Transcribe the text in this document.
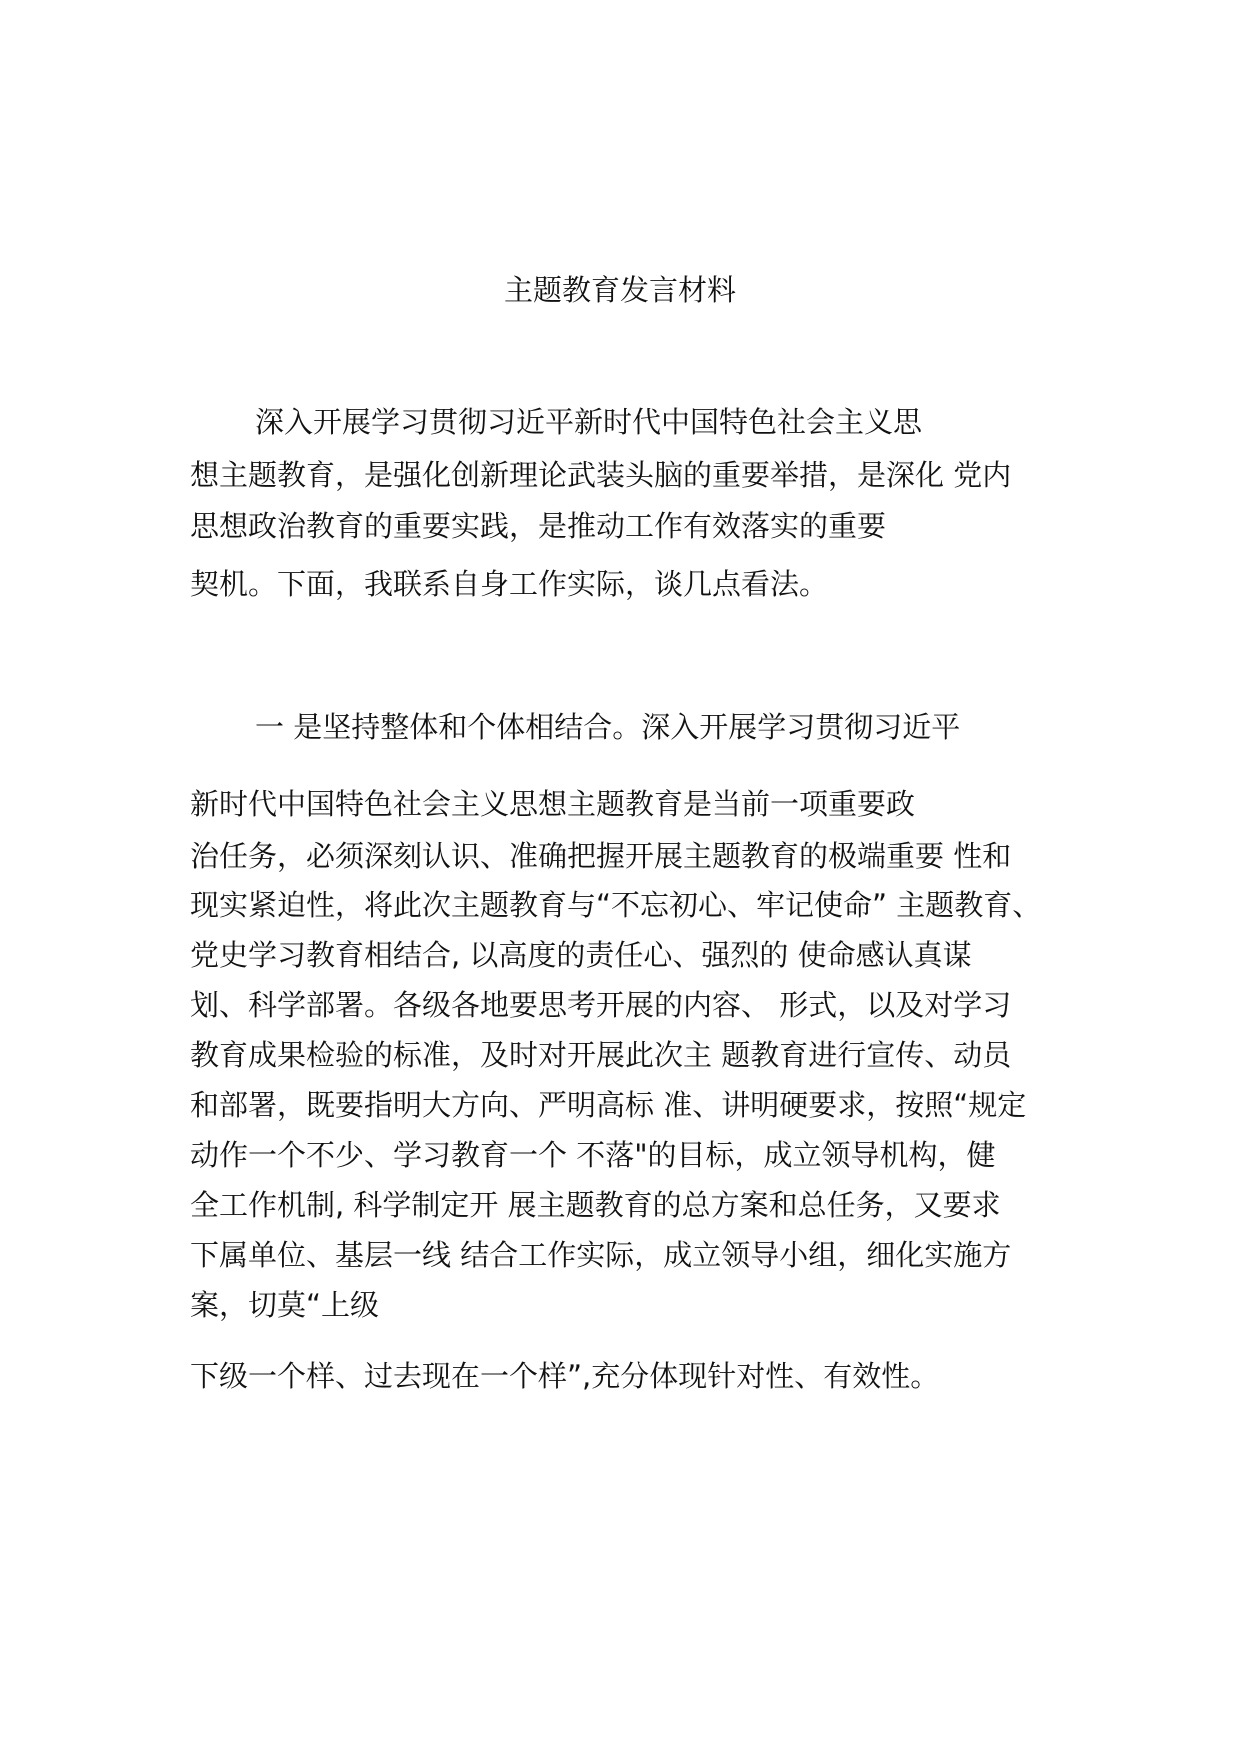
主题教育发言材料
深入开展学习贯彻习近平新时代中国特色社会主义思
想主题教育，是强化创新理论武装头脑的重要举措，是深化 党内
思想政治教育的重要实践，是推动工作有效落实的重要
契机。下面，我联系自身工作实际，谈几点看法。
一 是坚持整体和个体相结合。深入开展学习贯彻习近平
新时代中国特色社会主义思想主题教育是当前一项重要政
治任务，必须深刻认识、准确把握开展主题教育的极端重要 性和
现实紧迫性，将此次主题教育与“不忘初心、牢记使命” 主题教育、
党史学习教育相结合, 以高度的责任心、强烈的 使命感认真谋
划、科学部署。各级各地要思考开展的内容、 形式，以及对学习
教育成果检验的标准，及时对开展此次主 题教育进行宣传、动员
和部署，既要指明大方向、严明高标 准、讲明硬要求，按照“规定
动作一个不少、学习教育一个 不落"的目标，成立领导机构，健
全工作机制, 科学制定开 展主题教育的总方案和总任务，又要求
下属单位、基层一线 结合工作实际，成立领导小组，细化实施方
案，切莫“上级
下级一个样、过去现在一个样”,充分体现针对性、有效性。
